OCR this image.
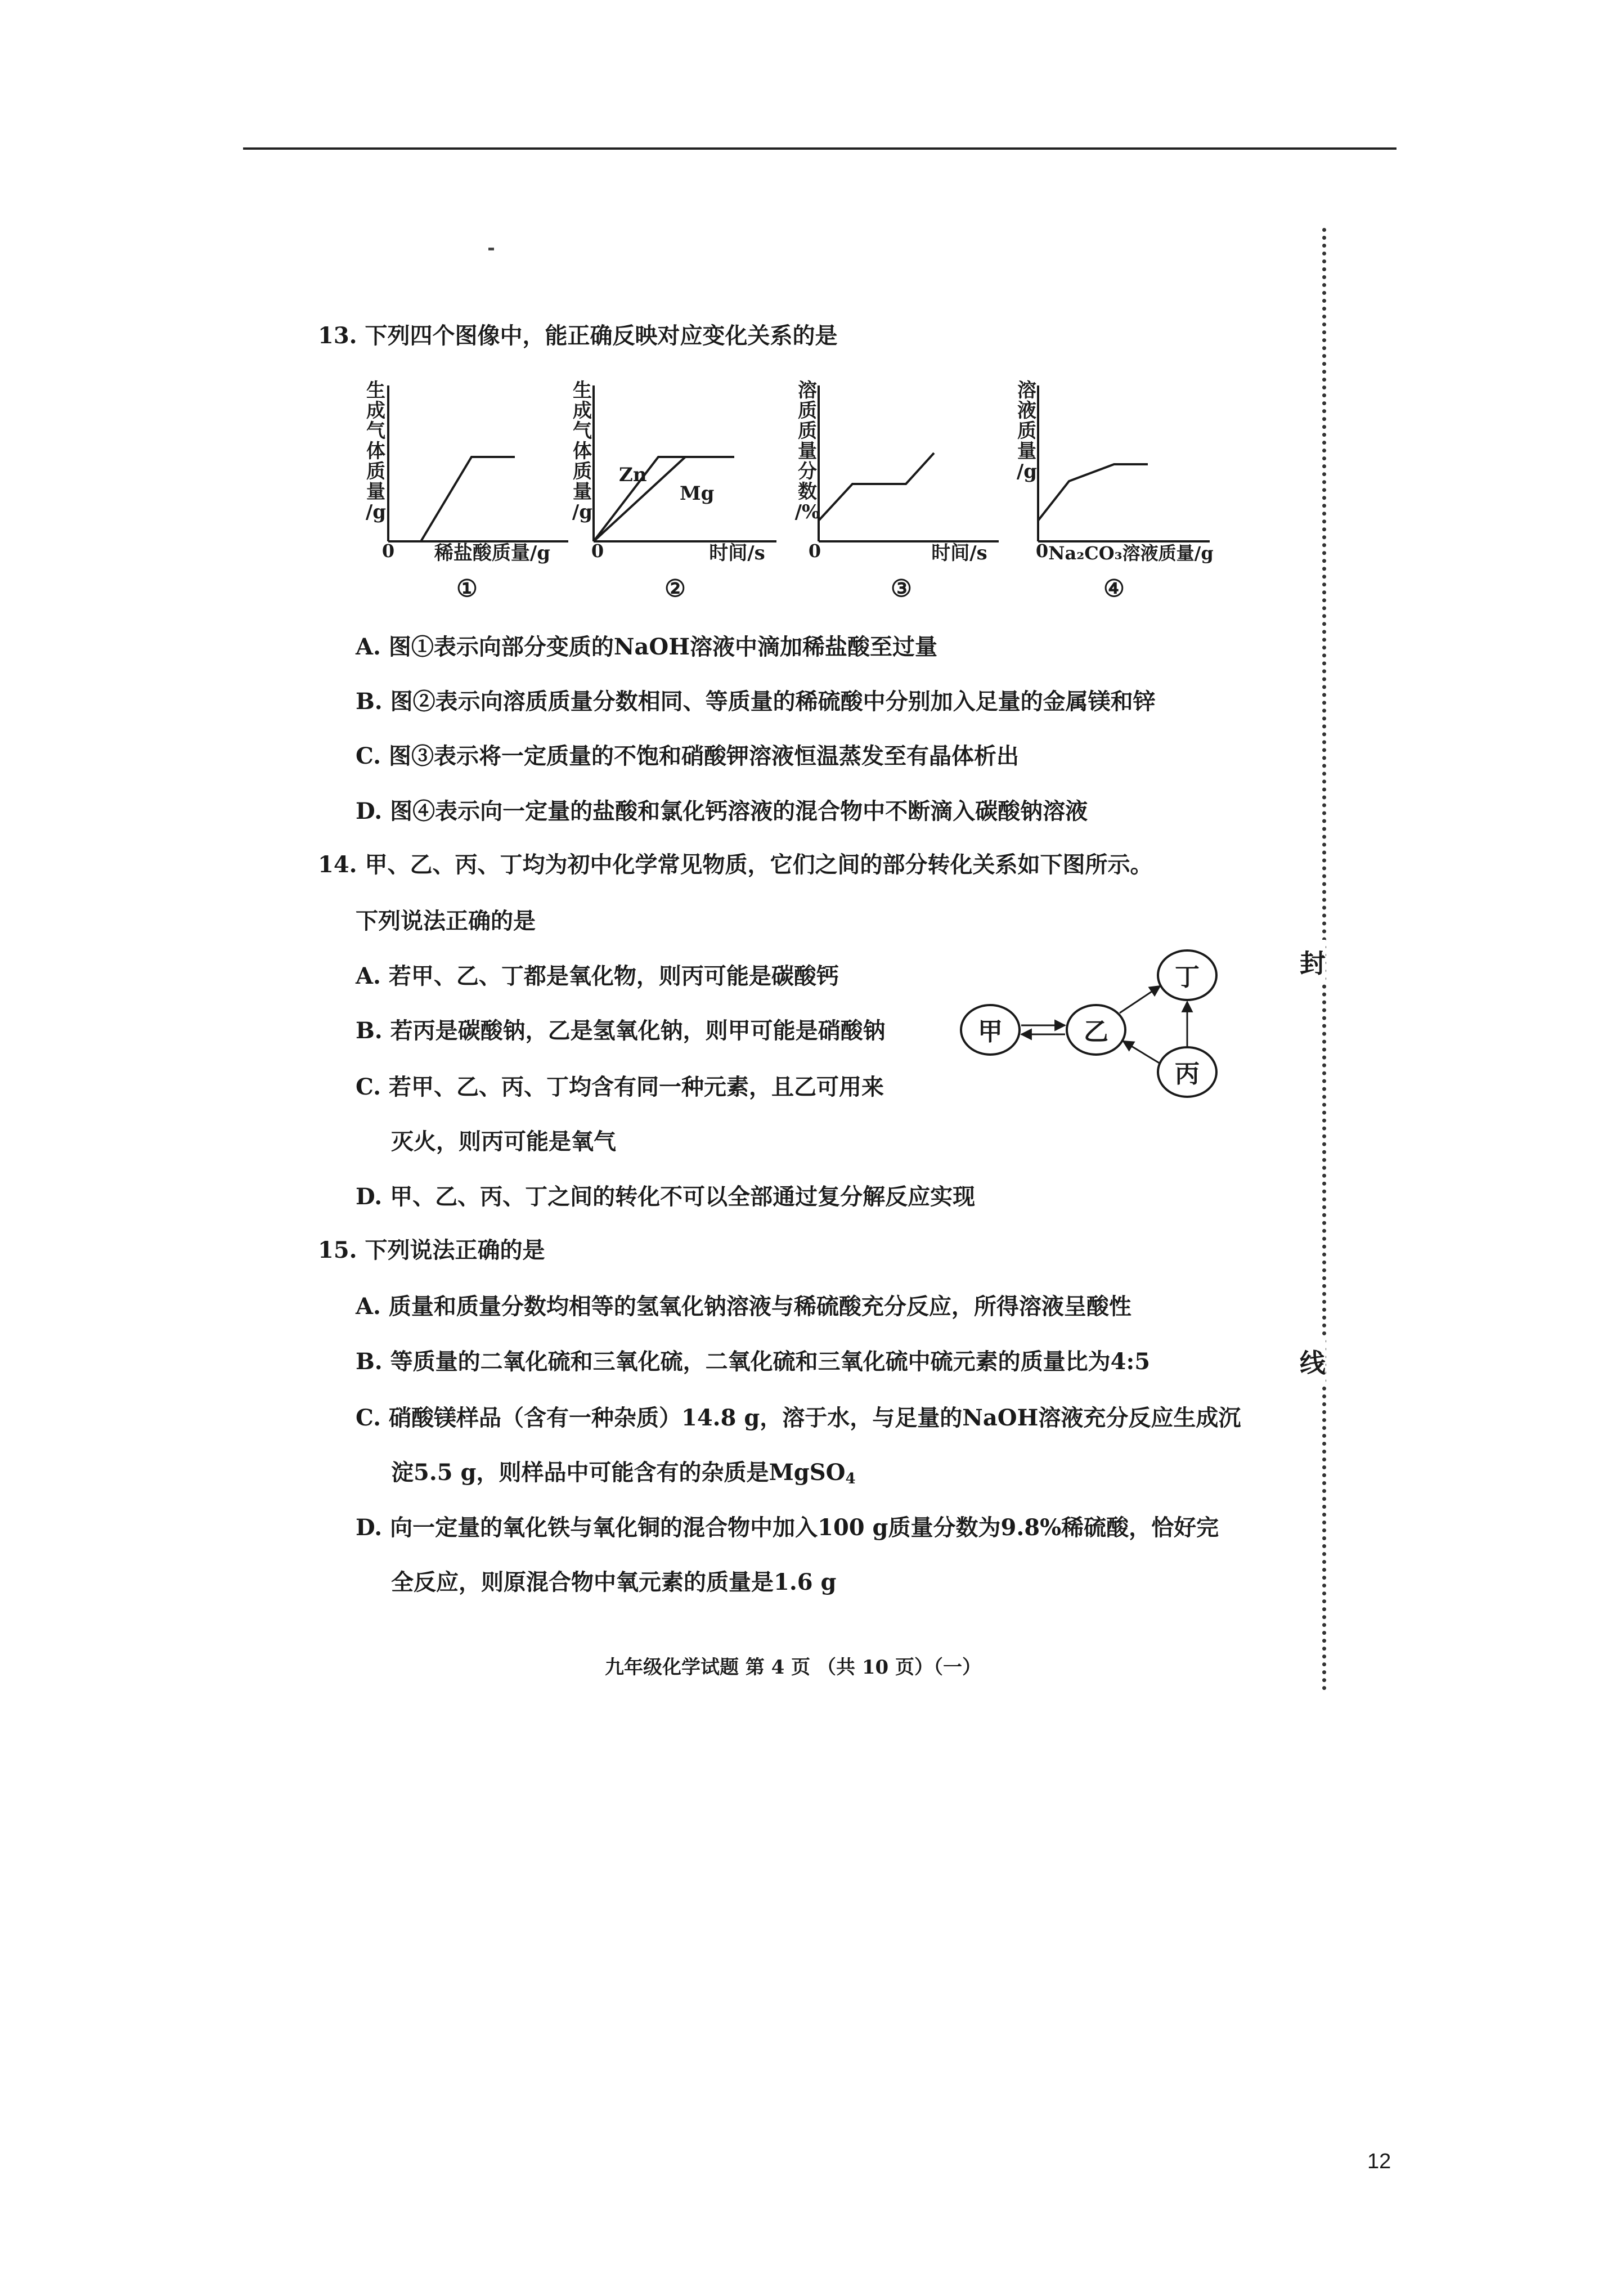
封
线
13. 下列四个图像中，能正确反映对应变化关系的是
生成气体质量/g
0 稀盐酸质量/g
①
生成气体质量/g
Zn
Mg
0	时间/s
②
溶质质量分数/%
0	时间/s
③
溶液质量/g
0 Na₂CO₃溶液质量/g
④
甲	乙
丁
丙
A. 图①表示向部分变质的NaOH溶液中滴加稀盐酸至过量
B. 图②表示向溶质质量分数相同、等质量的稀硫酸中分别加入足量的金属镁和锌
C. 图③表示将一定质量的不饱和硝酸钾溶液恒温蒸发至有晶体析出
D. 图④表示向一定量的盐酸和氯化钙溶液的混合物中不断滴入碳酸钠溶液
14. 甲、乙、丙、丁均为初中化学常见物质，它们之间的部分转化关系如下图所示。
下列说法正确的是
A. 若甲、乙、丁都是氧化物，则丙可能是碳酸钙
B. 若丙是碳酸钠，乙是氢氧化钠，则甲可能是硝酸钠
C. 若甲、乙、丙、丁均含有同一种元素，且乙可用来
灭火，则丙可能是氧气
D. 甲、乙、丙、丁之间的转化不可以全部通过复分解反应实现
15. 下列说法正确的是
A. 质量和质量分数均相等的氢氧化钠溶液与稀硫酸充分反应，所得溶液呈酸性
B. 等质量的二氧化硫和三氧化硫，二氧化硫和三氧化硫中硫元素的质量比为4:5
C. 硝酸镁样品（含有一种杂质）14.8 g，溶于水，与足量的NaOH溶液充分反应生成沉
淀5.5 g，则样品中可能含有的杂质是MgSO4
D. 向一定量的氧化铁与氧化铜的混合物中加入100 g质量分数为9.8%稀硫酸，恰好完
全反应，则原混合物中氧元素的质量是1.6 g
九年级化学试题 第 4 页 （共 10 页）（一）
12
